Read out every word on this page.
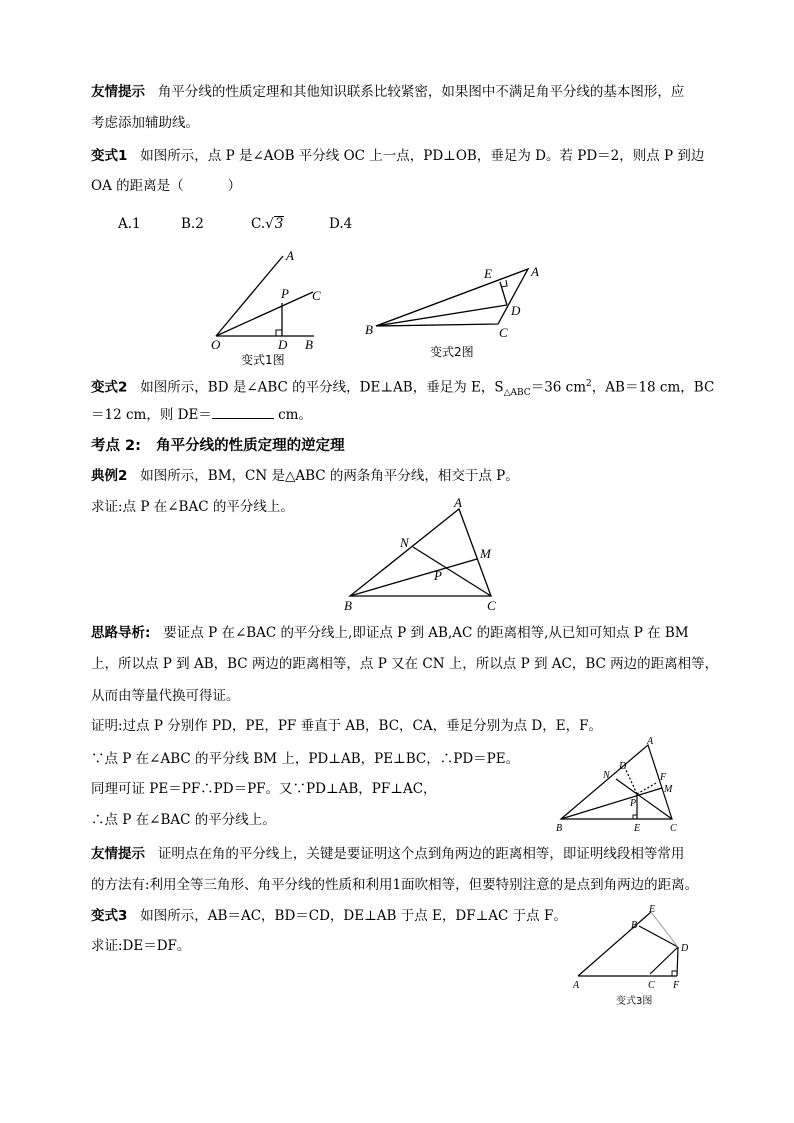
友情提示 角平分线的性质定理和其他知识联系比较紧密，如果图中不满足角平分线的基本图形，应
考虑添加辅助线。
变式1 如图所示，点 P 是∠AOB 平分线 OC 上一点，PD⊥OB，垂足为 D。若 PD＝2，则点 P 到边
OA 的距离是（	）
A.1	B.2	C.√3	D.4
A
P C
O	D B
变式1图
E	A
D
B	C
变式2图
变式2 如图所示，BD 是∠ABC 的平分线，DE⊥AB，垂足为 E，$S_{\triangle ABC}=36$ $cm^2$，AB＝18 cm，BC
＝12 cm，则 DE＝	cm。
考点 2: 角平分线的性质定理的逆定理
典例2 如图所示，BM，CN 是△ABC 的两条角平分线，相交于点 P。
求证:点 P 在∠BAC 的平分线上。	A
N
M
P
B	C
思路导析: 要证点 P 在∠BAC 的平分线上,即证点 P 到 AB,AC 的距离相等,从已知可知点 P 在 BM
上，所以点 P 到 AB，BC 两边的距离相等，点 P 又在 CN 上，所以点 P 到 AC，BC 两边的距离相等，
从而由等量代换可得证。
证明:过点 P 分别作 PD，PE，PF 垂直于 AB，BC，CA，垂足分别为点 D，E，F。
∵点 P 在∠ABC 的平分线 BM 上，PD⊥AB，PE⊥BC，∴PD＝PE。
同理可证 PE＝PF∴PD＝PF。又∵PD⊥AB，PF⊥AC，
∴点 P 在∠BAC 的平分线上。
A
N
D
F
M
P
B	E	C
友情提示 证明点在角的平分线上，关键是要证明这个点到角两边的距离相等，即证明线段相等常用
的方法有:利用全等三角形、角平分线的性质和利用1面吹相等，但要特别注意的是点到角两边的距离。
变式3 如图所示，AB＝AC，BD＝CD，DE⊥AB 于点 E，DF⊥AC 于点 F。
求证:DE＝DF。
E
B
D
A	C F
变式3图
